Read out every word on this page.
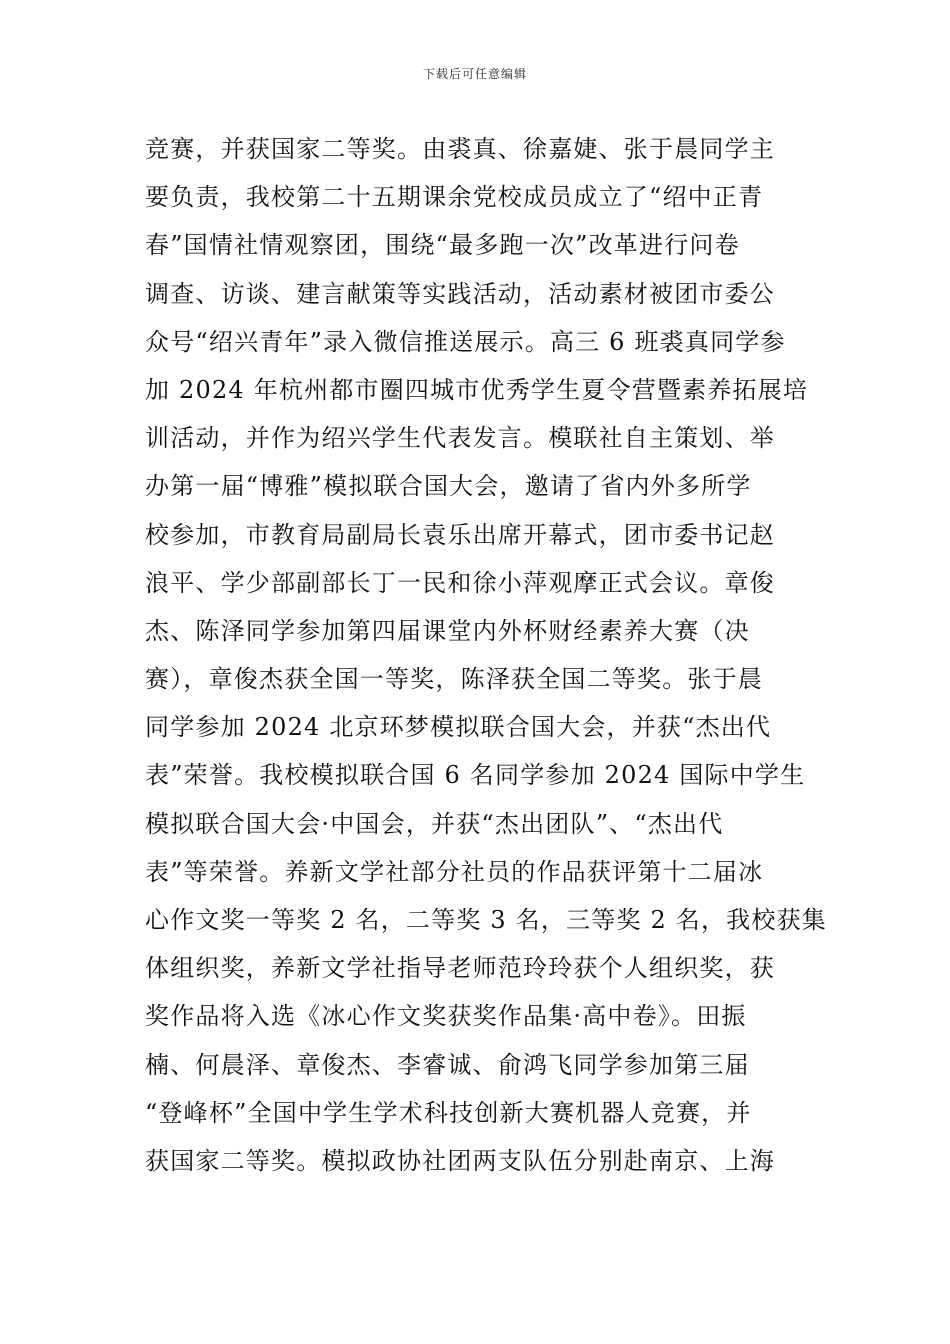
下载后可任意编辑
竞赛，并获国家二等奖。由裘真、徐嘉婕、张于晨同学主
要负责，我校第二十五期课余党校成员成立了“绍中正青
春”国情社情观察团，围绕“最多跑一次”改革进行问卷
调查、访谈、建言献策等实践活动，活动素材被团市委公
众号“绍兴青年”录入微信推送展示。高三 6 班裘真同学参
加 2024 年杭州都市圈四城市优秀学生夏令营暨素养拓展培
训活动，并作为绍兴学生代表发言。模联社自主策划、举
办第一届“博雅”模拟联合国大会，邀请了省内外多所学
校参加，市教育局副局长袁乐出席开幕式，团市委书记赵
浪平、学少部副部长丁一民和徐小萍观摩正式会议。章俊
杰、陈泽同学参加第四届课堂内外杯财经素养大赛（决
赛），章俊杰获全国一等奖，陈泽获全国二等奖。张于晨
同学参加 2024 北京环梦模拟联合国大会，并获“杰出代
表”荣誉。我校模拟联合国 6 名同学参加 2024 国际中学生
模拟联合国大会·中国会，并获“杰出团队”、“杰出代
表”等荣誉。养新文学社部分社员的作品获评第十二届冰
心作文奖一等奖 2 名，二等奖 3 名，三等奖 2 名，我校获集
体组织奖，养新文学社指导老师范玲玲获个人组织奖，获
奖作品将入选《冰心作文奖获奖作品集·高中卷》。田振
楠、何晨泽、章俊杰、李睿诚、俞鸿飞同学参加第三届
“登峰杯”全国中学生学术科技创新大赛机器人竞赛，并
获国家二等奖。模拟政协社团两支队伍分别赴南京、上海
